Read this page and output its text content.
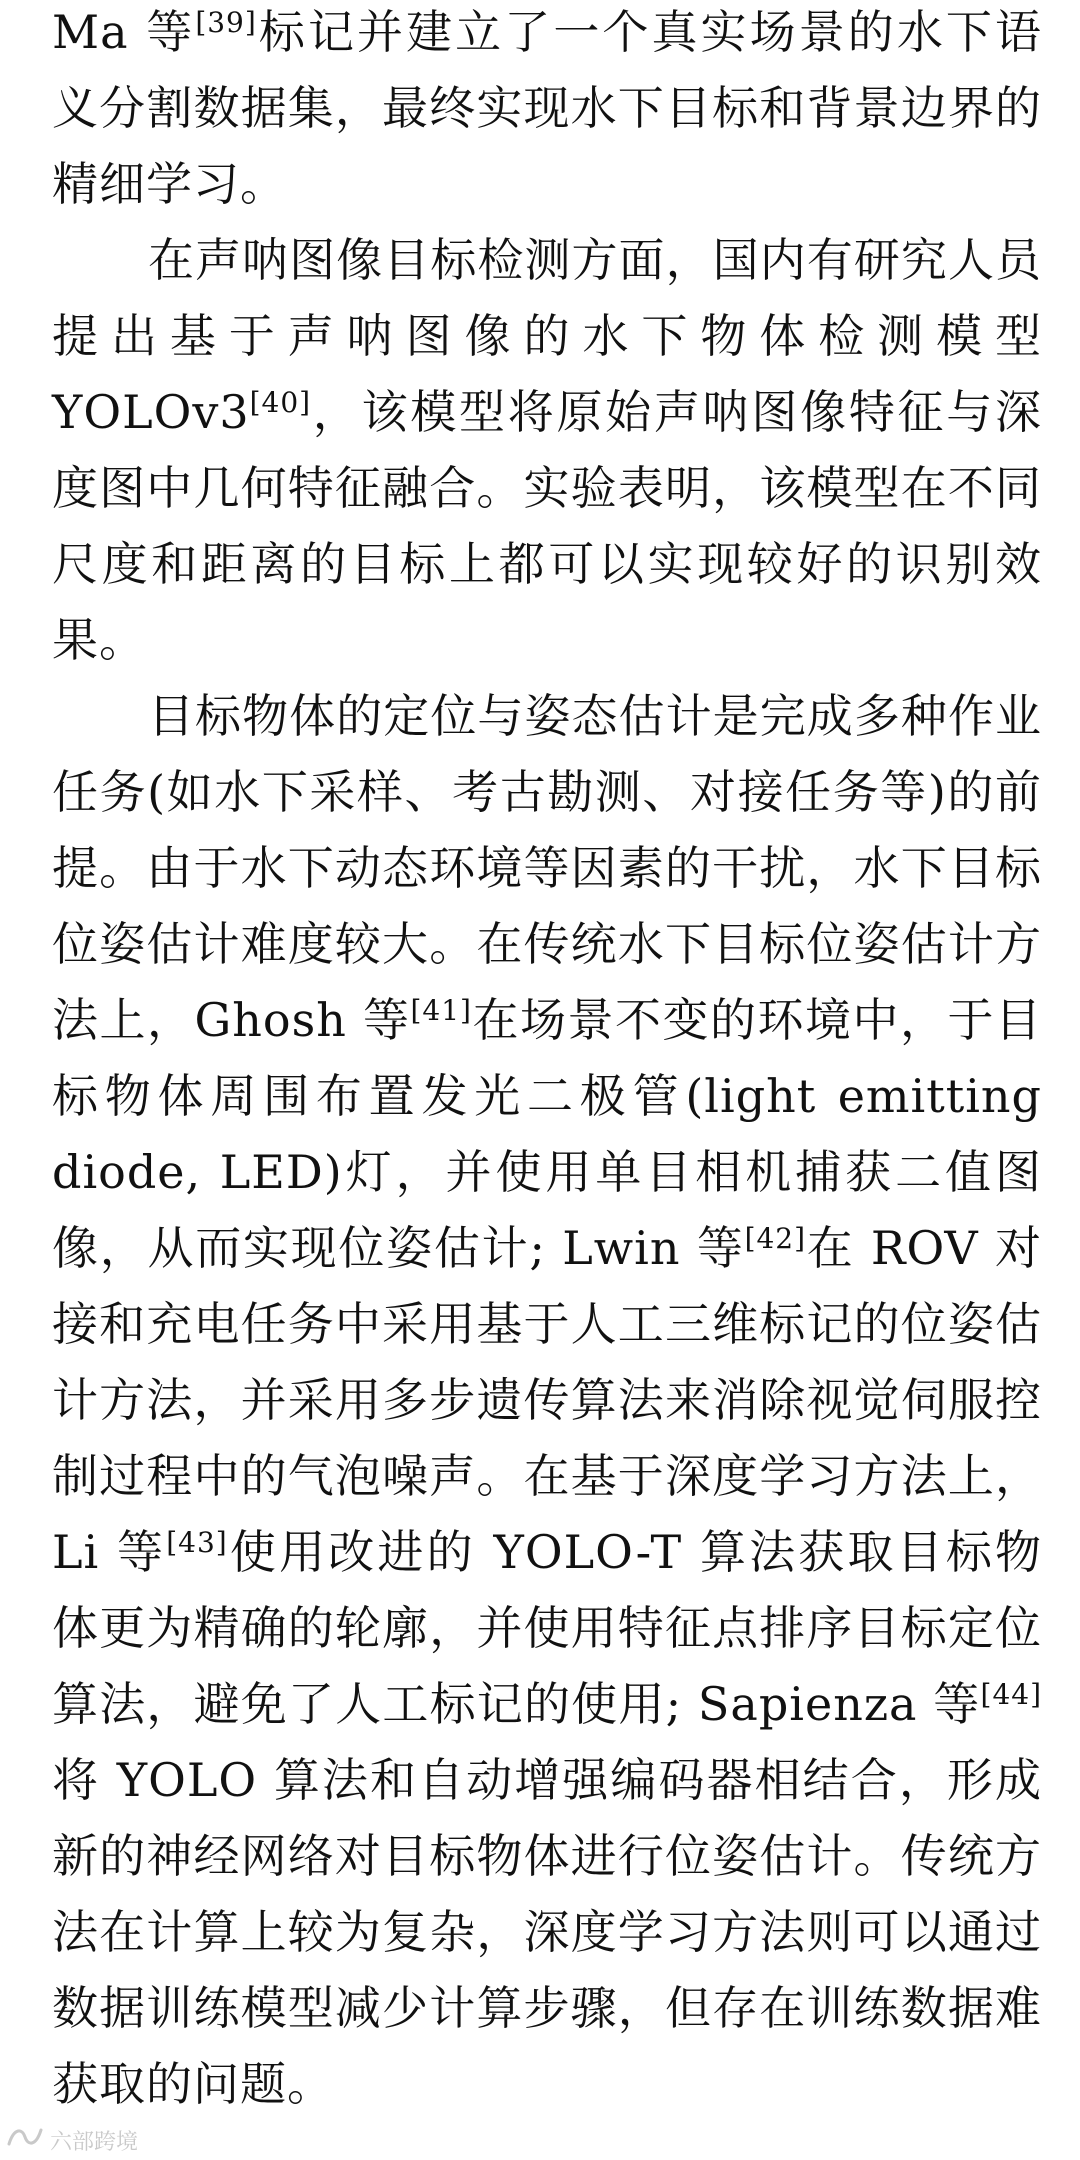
Ma 等[39]标记并建立了一个真实场景的水下语义分割数据集，最终实现水下目标和背景边界的精细学习。

在声呐图像目标检测方面，国内有研究人员提出基于声呐图像的水下物体检测模型 YOLOv3[40]，该模型将原始声呐图像特征与深度图中几何特征融合。实验表明，该模型在不同尺度和距离的目标上都可以实现较好的识别效果。

目标物体的定位与姿态估计是完成多种作业任务(如水下采样、考古勘测、对接任务等)的前提。由于水下动态环境等因素的干扰，水下目标位姿估计难度较大。在传统水下目标位姿估计方法上，Ghosh 等[41]在场景不变的环境中，于目标物体周围布置发光二极管(light emitting diode, LED)灯，并使用单目相机捕获二值图像，从而实现位姿估计; Lwin 等[42]在 ROV 对接和充电任务中采用基于人工三维标记的位姿估计方法，并采用多步遗传算法来消除视觉伺服控制过程中的气泡噪声。在基于深度学习方法上，Li 等[43]使用改进的 YOLO-T 算法获取目标物体更为精确的轮廓，并使用特征点排序目标定位算法，避免了人工标记的使用; Sapienza 等[44]将 YOLO 算法和自动增强编码器相结合，形成新的神经网络对目标物体进行位姿估计。传统方法在计算上较为复杂，深度学习方法则可以通过数据训练模型减少计算步骤，但存在训练数据难获取的问题。

六部跨境
